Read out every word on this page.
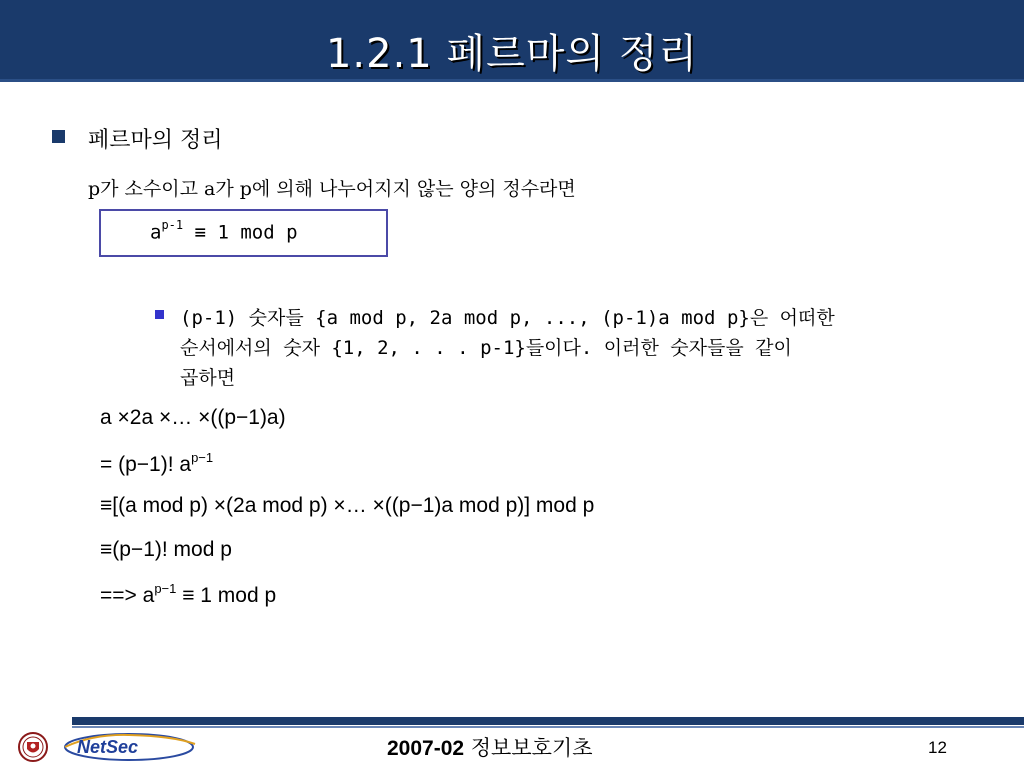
1.2.1 페르마의 정리
페르마의 정리
p가 소수이고 a가 p에 의해 나누어지지 않는 양의 정수라면
$a^{p-1} \equiv 1$ mod p
(p-1) 숫자들 {a mod p, 2a mod p, ..., (p-1)a mod p}은 어떠한
순서에서의 숫자 {1, 2, . . . p-1}들이다. 이러한 숫자들을 같이
곱하면
a ×2a ×… ×((p−1)a)
= (p−1)! $a^{p-1}$
≡[(a mod p) ×(2a mod p) ×… ×((p−1)a mod p)] mod p
≡(p−1)! mod p
==> $a^{p-1} \equiv 1$ mod p
NetSec	2007-02 정보보호기초	12
